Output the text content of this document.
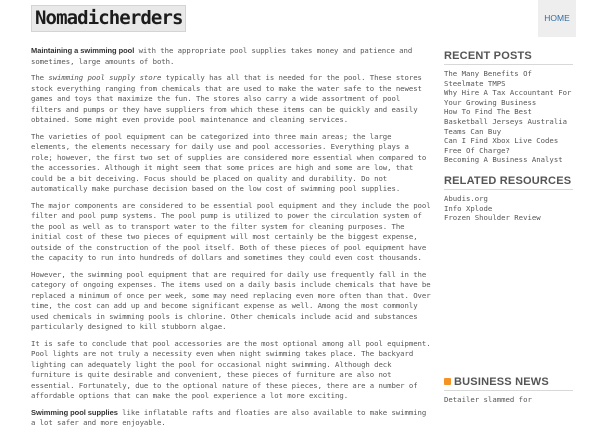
Nomadicherders	HOME

Maintaining a swimming pool with the appropriate pool supplies takes money and patience and sometimes, large amounts of both.

The swimming pool supply store typically has all that is needed for the pool. These stores stock everything ranging from chemicals that are used to make the water safe to the newest games and toys that maximize the fun. The stores also carry a wide assortment of pool filters and pumps or they have suppliers from which these items can be quickly and easily obtained. Some might even provide pool maintenance and cleaning services.

The varieties of pool equipment can be categorized into three main areas; the large elements, the elements necessary for daily use and pool accessories. Everything plays a role; however, the first two set of supplies are considered more essential when compared to the accessories. Although it might seem that some prices are high and some are low, that could be a bit deceiving. Focus should be placed on quality and durability. Do not automatically make purchase decision based on the low cost of swimming pool supplies.

The major components are considered to be essential pool equipment and they include the pool filter and pool pump systems. The pool pump is utilized to power the circulation system of the pool as well as to transport water to the filter system for cleaning purposes. The initial cost of these two pieces of equipment will most certainly be the biggest expense, outside of the construction of the pool itself. Both of these pieces of pool equipment have the capacity to run into hundreds of dollars and sometimes they could even cost thousands.

However, the swimming pool equipment that are required for daily use frequently fall in the category of ongoing expenses. The items used on a daily basis include chemicals that have be replaced a minimum of once per week, some may need replacing even more often than that. Over time, the cost can add up and become significant expense as well. Among the most commonly used chemicals in swimming pools is chlorine. Other chemicals include acid and substances particularly designed to kill stubborn algae.

It is safe to conclude that pool accessories are the most optional among all pool equipment. Pool lights are not truly a necessity even when night swimming takes place. The backyard lighting can adequately light the pool for occasional night swimming. Although deck furniture is quite desirable and convenient, these pieces of furniture are also not essential. Fortunately, due to the optional nature of these pieces, there are a number of affordable options that can make the pool experience a lot more exciting.

Swimming pool supplies like inflatable rafts and floaties are also available to make swimming a lot safer and more enjoyable.

RECENT POSTS
The Many Benefits Of Steelmate TMPS
Why Hire A Tax Accountant For Your Growing Business
How To Find The Best Basketball Jerseys Australia Teams Can Buy
Can I Find Xbox Live Codes Free Of Charge?
Becoming A Business Analyst
RELATED RESOURCES
Abudis.org
Info Xplode
Frozen Shoulder Review
BUSINESS NEWS
Detailer slammed for
